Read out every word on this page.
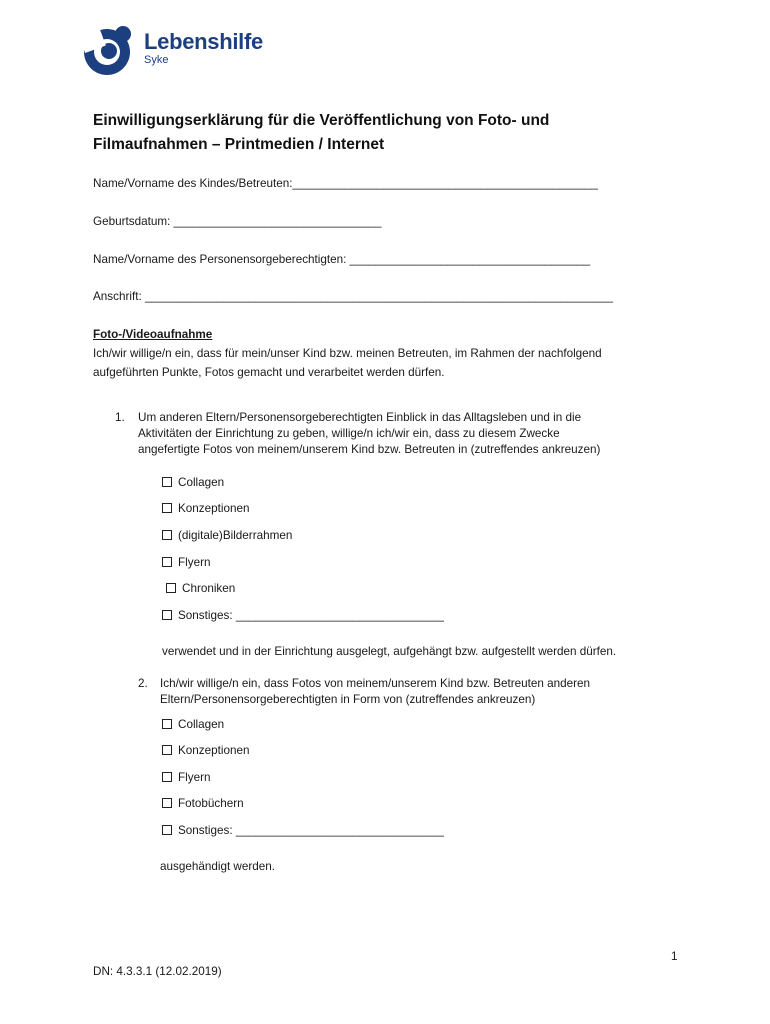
Lebenshilfe
Syke
Einwilligungserklärung für die Veröffentlichung von Foto- und
Filmaufnahmen – Printmedien / Internet
Name/Vorname des Kindes/Betreuten:_______________________________________________
Geburtsdatum: ________________________________
Name/Vorname des Personensorgeberechtigten: _____________________________________
Anschrift: ________________________________________________________________________
Foto-/Videoaufnahme
Ich/wir willige/n ein, dass für mein/unser Kind bzw. meinen Betreuten, im Rahmen der nachfolgend
aufgeführten Punkte, Fotos gemacht und verarbeitet werden dürfen.
1. Um anderen Eltern/Personensorgeberechtigten Einblick in das Alltagsleben und in die
Aktivitäten der Einrichtung zu geben, willige/n ich/wir ein, dass zu diesem Zwecke
angefertigte Fotos von meinem/unserem Kind bzw. Betreuten in (zutreffendes ankreuzen)
Collagen
Konzeptionen
(digitale)Bilderrahmen
Flyern
Chroniken
Sonstiges: ________________________________
verwendet und in der Einrichtung ausgelegt, aufgehängt bzw. aufgestellt werden dürfen.
2. Ich/wir willige/n ein, dass Fotos von meinem/unserem Kind bzw. Betreuten anderen
Eltern/Personensorgeberechtigten in Form von (zutreffendes ankreuzen)
Collagen
Konzeptionen
Flyern
Fotobüchern
Sonstiges: ________________________________
ausgehändigt werden.
1
DN: 4.3.3.1 (12.02.2019)
